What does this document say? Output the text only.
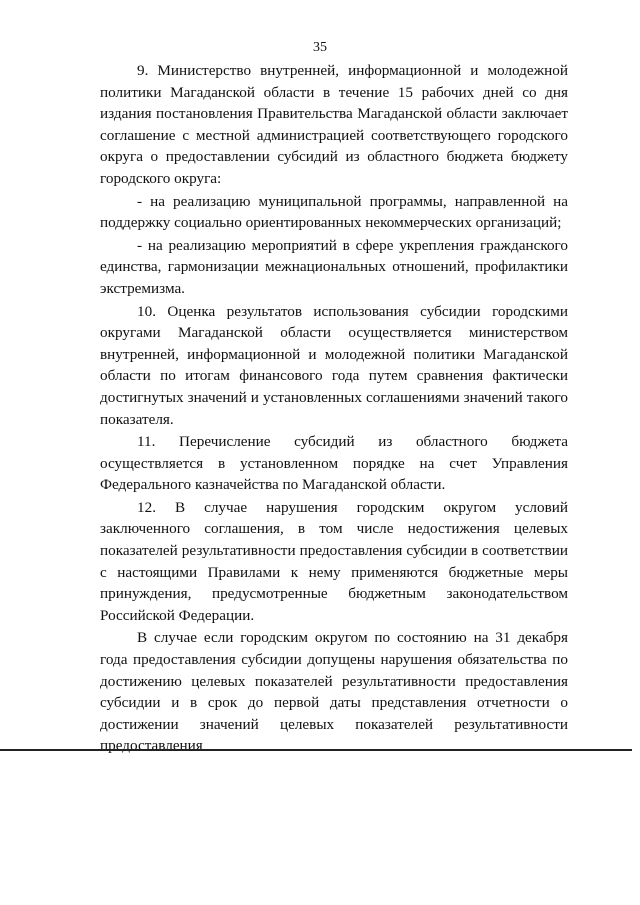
35

9. Министерство внутренней, информационной и молодежной политики Магаданской области в течение 15 рабочих дней со дня издания постановления Правительства Магаданской области заключает соглашение с местной администрацией соответствующего городского округа о предоставлении субсидий из областного бюджета бюджету городского округа:

- на реализацию муниципальной программы, направленной на поддержку социально ориентированных некоммерческих организаций;

- на реализацию мероприятий в сфере укрепления гражданского единства, гармонизации межнациональных отношений, профилактики экстремизма.

10. Оценка результатов использования субсидии городскими округами Магаданской области осуществляется министерством внутренней, информационной и молодежной политики Магаданской области по итогам финансового года путем сравнения фактически достигнутых значений и установленных соглашениями значений такого показателя.

11. Перечисление субсидий из областного бюджета осуществляется в установленном порядке на счет Управления Федерального казначейства по Магаданской области.

12. В случае нарушения городским округом условий заключенного соглашения, в том числе недостижения целевых показателей результативности предоставления субсидии в соответствии с настоящими Правилами к нему применяются бюджетные меры принуждения, предусмотренные бюджетным законодательством Российской Федерации.

В случае если городским округом по состоянию на 31 декабря года предоставления субсидии допущены нарушения обязательства по достижению целевых показателей результативности предоставления субсидии и в срок до первой даты представления отчетности о достижении значений целевых показателей результативности предоставления
